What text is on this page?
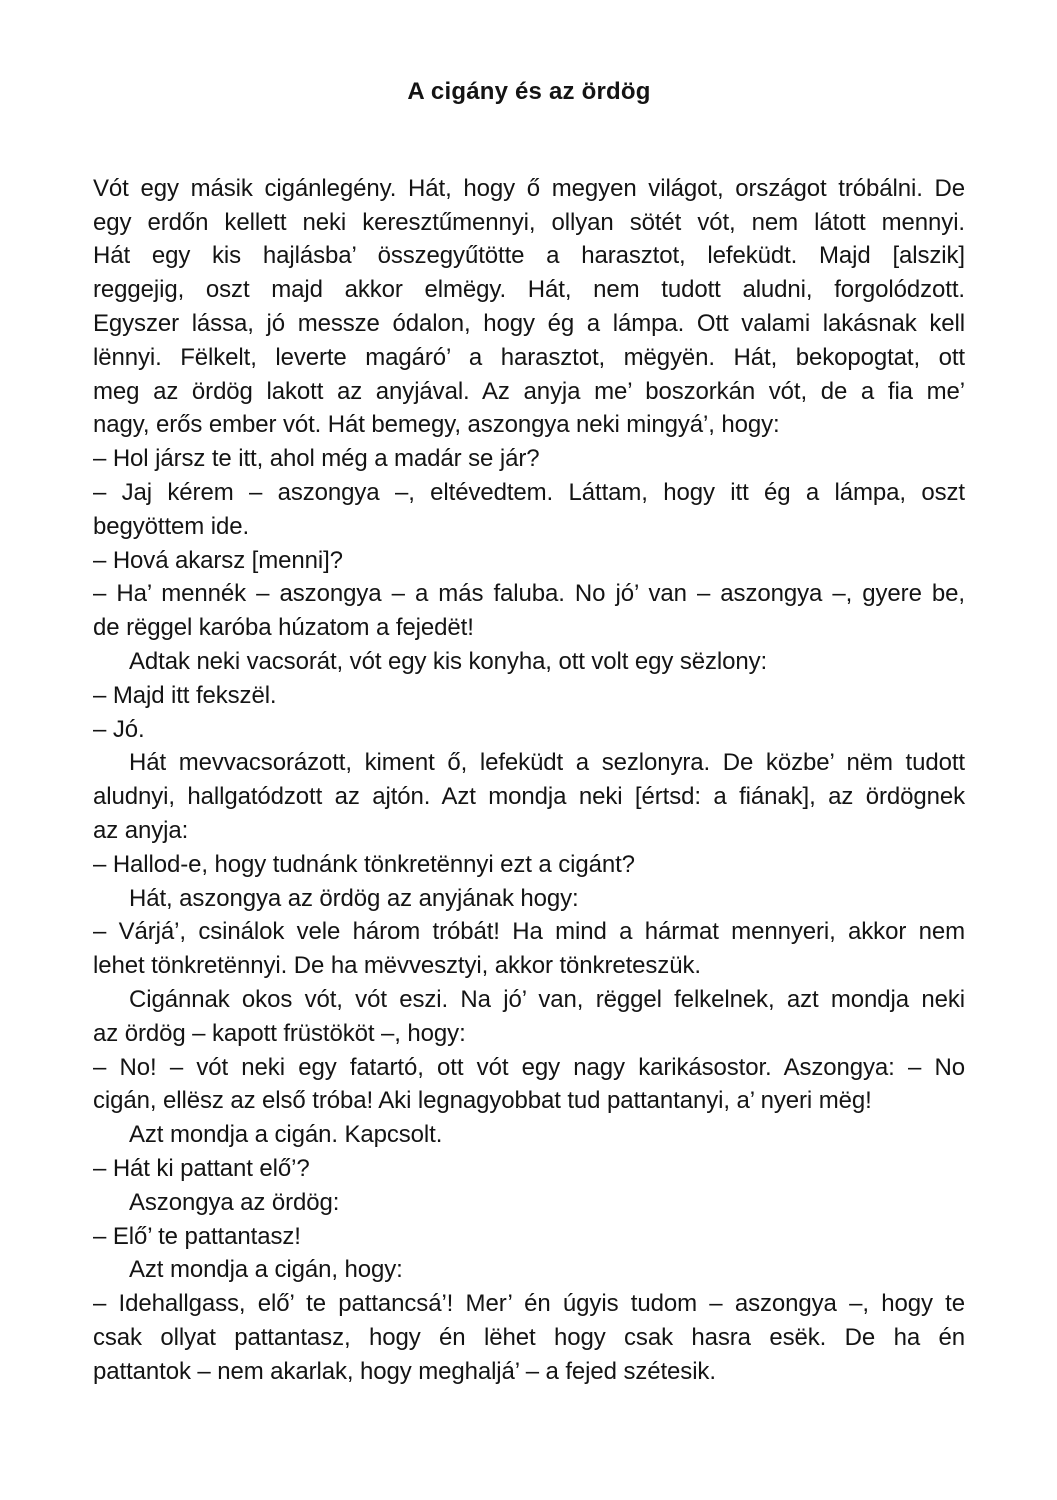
A cigány és az ördög
Vót egy másik cigánlegény. Hát, hogy ő megyen világot, országot tróbálni. De
egy erdőn kellett neki keresztűmennyi, ollyan sötét vót, nem látott mennyi.
Hát egy kis hajlásba’ összegyűtötte a harasztot, lefeküdt. Majd [alszik]
reggejig, oszt majd akkor elmëgy. Hát, nem tudott aludni, forgolódzott.
Egyszer lássa, jó messze ódalon, hogy ég a lámpa. Ott valami lakásnak kell
lënnyi. Fëlkelt, leverte magáró’ a harasztot, mëgyën. Hát, bekopogtat, ott
meg az ördög lakott az anyjával. Az anyja me’ boszorkán vót, de a fia me’
nagy, erős ember vót. Hát bemegy, aszongya neki mingyá’, hogy:
– Hol jársz te itt, ahol még a madár se jár?
– Jaj kérem – aszongya –, eltévedtem. Láttam, hogy itt ég a lámpa, oszt
begyöttem ide.
– Hová akarsz [menni]?
– Ha’ mennék – aszongya – a más faluba. No jó’ van – aszongya –, gyere be,
de rëggel karóba húzatom a fejedët!
Adtak neki vacsorát, vót egy kis konyha, ott volt egy sëzlony:
– Majd itt fekszël.
– Jó.
Hát mevvacsorázott, kiment ő, lefeküdt a sezlonyra. De közbe’ nëm tudott
aludnyi, hallgatódzott az ajtón. Azt mondja neki [értsd: a fiának], az ördögnek
az anyja:
– Hallod-e, hogy tudnánk tönkretënnyi ezt a cigánt?
Hát, aszongya az ördög az anyjának hogy:
– Várjá’, csinálok vele három tróbát! Ha mind a hármat mennyeri, akkor nem
lehet tönkretënnyi. De ha mëvvesztyi, akkor tönkreteszük.
Cigánnak okos vót, vót eszi. Na jó’ van, rëggel felkelnek, azt mondja neki
az ördög – kapott früstököt –, hogy:
– No! – vót neki egy fatartó, ott vót egy nagy karikásostor. Aszongya: – No
cigán, ellësz az első tróba! Aki legnagyobbat tud pattantanyi, a’ nyeri mëg!
Azt mondja a cigán. Kapcsolt.
– Hát ki pattant elő’?
Aszongya az ördög:
– Elő’ te pattantasz!
Azt mondja a cigán, hogy:
– Idehallgass, elő’ te pattancsá’! Mer’ én úgyis tudom – aszongya –, hogy te
csak ollyat pattantasz, hogy én lëhet hogy csak hasra esëk. De ha én
pattantok – nem akarlak, hogy meghaljá’ – a fejed szétesik.
